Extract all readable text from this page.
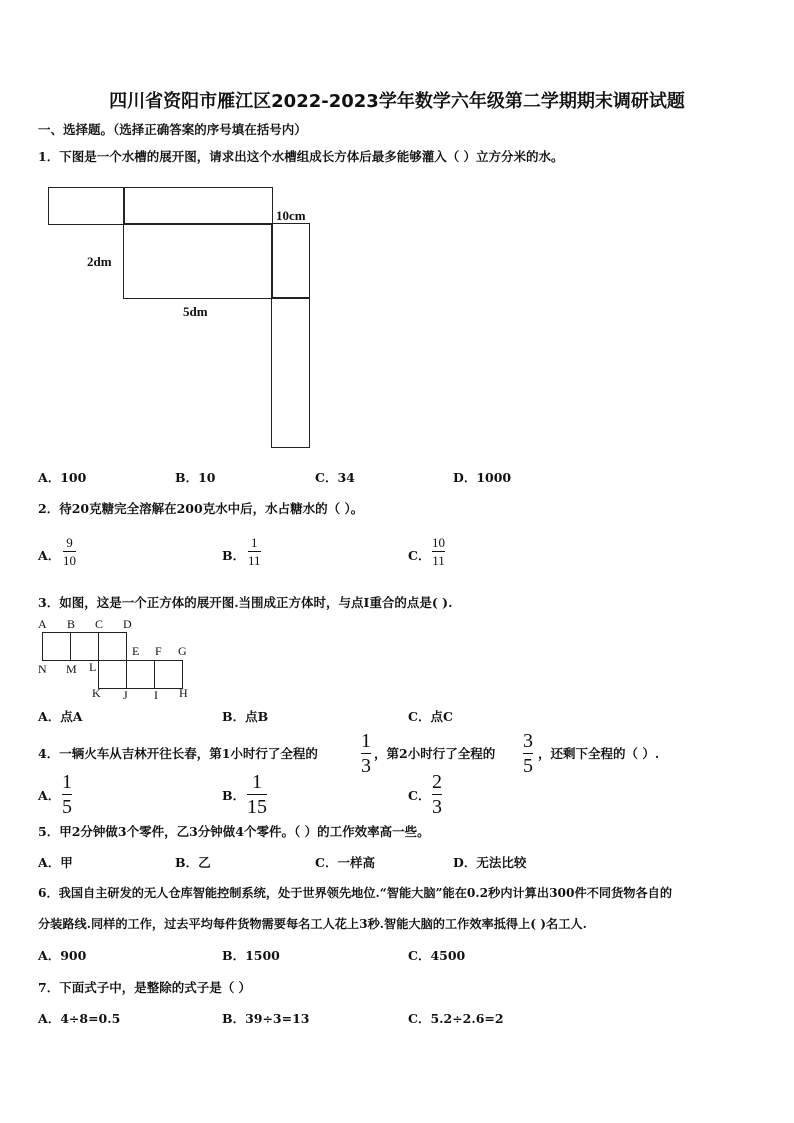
四川省资阳市雁江区2022-2023学年数学六年级第二学期期末调研试题
一、选择题。（选择正确答案的序号填在括号内）
1．下图是一个水槽的展开图，请求出这个水槽组成长方体后最多能够灌入（ ）立方分米的水。
10cm
2dm
5dm
A．100	B．10	C．34	D．1000
2．待20克糖完全溶解在200克水中后，水占糖水的（ ）。
A．
9
10	B．
1
11	C．
10
11
3．如图，这是一个正方体的展开图.当围成正方体时，与点I重合的点是( ).
A B C D
E F G
N M L
K J I H
A．点A	B．点B	C．点C
4．一辆火车从吉林开往长春，第1小时行了全程的
1
3
，第2小时行了全程的
3
5
，还剩下全程的（ ）.
A．
1
5
B．
1
15
C．
2
3
5．甲2分钟做3个零件，乙3分钟做4个零件。（ ）的工作效率高一些。
A．甲	B．乙	C．一样高	D．无法比较
6．我国自主研发的无人仓库智能控制系统，处于世界领先地位.“智能大脑”能在0.2秒内计算出300件不同货物各自的
分装路线.同样的工作，过去平均每件货物需要每名工人花上3秒.智能大脑的工作效率抵得上( )名工人.
A．900	B．1500	C．4500
7．下面式子中，是整除的式子是（ ）
A．4÷8=0.5	B．39÷3=13	C．5.2÷2.6=2
